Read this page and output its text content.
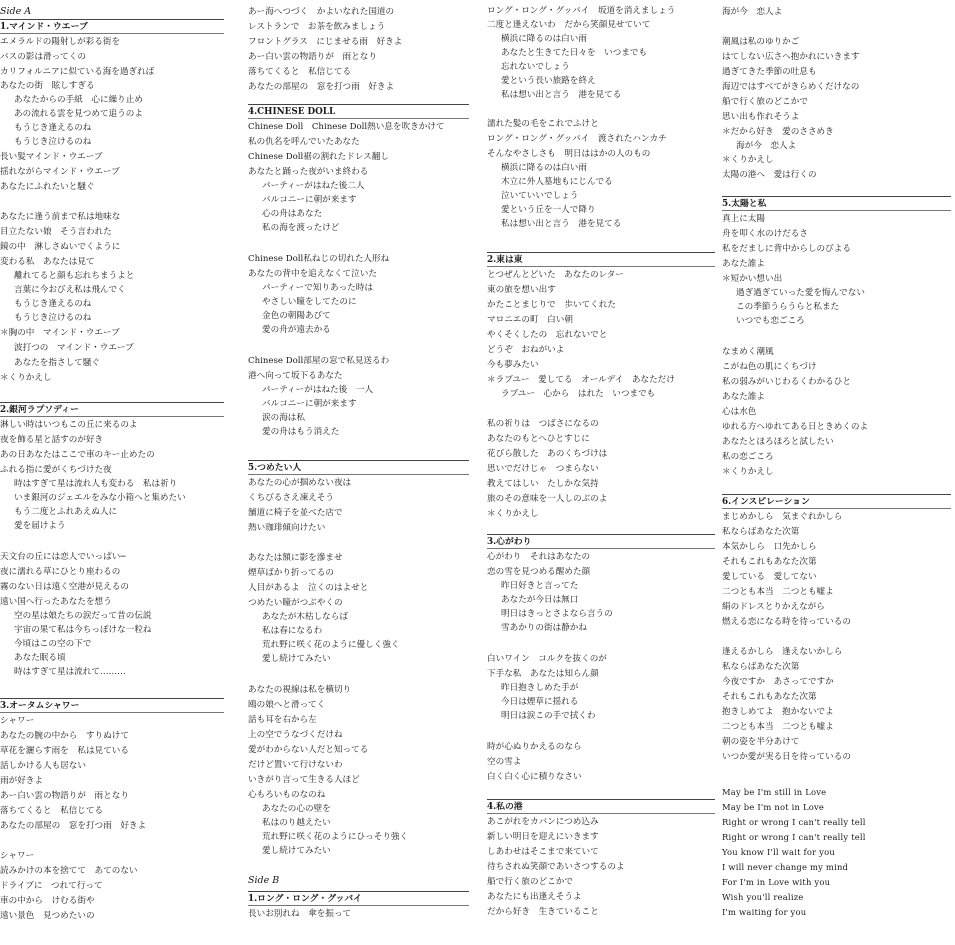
Side A
1.マインド・ウエーブ
エメラルドの陽射しが彩る街を
バスの影は滑ってくの
カリフォルニアに似ている海を過ぎれば
あなたの街　眩しすぎる
あなたからの手紙　心に繰り止め
あの流れる雲を見つめて追うのよ
もうじき逢えるのね
もうじき泣けるのね
長い髪マインド・ウエーブ
揺れながらマインド・ウエーブ
あなたにふれたいと騒ぐ
あなたに逢う前まで私は地味な
目立たない娘　そう言われた
鏡の中　淋しさぬいでくように
変わる私　あなたは見て
離れてると顔も忘れちまうよと
言葉に今おびえ私は飛んでく
もうじき逢えるのね
もうじき泣けるのね
＊胸の中　マインド・ウエーブ
波打つの　マインド・ウエーブ
あなたを指さして騒ぐ
＊くりかえし
2.銀河ラプソディー
淋しい時はいつもこの丘に来るのよ
夜を飾る星と話すのが好き
あの日あなたはここで車のキー止めたの
ふれる指に愛がくちづけた夜
時はすぎて星は流れ人も変わる　私は祈り
いま銀河のジェエルをみな小箱へと集めたい
もう二度とふれあえぬ人に
愛を届けよう
天文台の丘には恋人でいっぱい─
夜に濡れる草にひとり座わるの
霧のない日は遠く空港が見えるの
遠い国へ行ったあなたを想う
空の星は娘たちの涙だって昔の伝説
宇宙の果て私は今ちっぽけな一粒ね
今頃はこの空の下で
あなた眠る頃
時はすぎて星は流れて………
3.オータムシャワー
シャワー
あなたの腕の中から　すりぬけて
草花を灑らす雨を　私は見ている
話しかける人も居ない
雨が好きよ
あー白い雲の物語りが　雨となり
落ちてくると　私信じてる
あなたの部屋の　窓を打つ雨　好きよ
シャワー
読みかけの本を捨てて　あてのない
ドライブに　つれて行って
車の中から　けむる街や
遠い景色　見つめたいの
あー海へつづく　かよいなれた国道の
レストランで　お茶を飲みましょう
フロントグラス　にじませる雨　好きよ
あー白い雲の物語りが　雨となり
落ちてくると　私信じてる
あなたの部屋の　窓を打つ雨　好きよ
4.CHINESE DOLL
Chinese Doll　Chinese Doll熱い息を吹きかけて
私の仇名を呼んでいたあなた
Chinese Doll裾の割れたドレス翻し
あなたと踊った夜がいま終わる
パーティーがはねた後二人
バルコニーに朝が来ます
心の舟はあなた
私の海を渡ったけど
Chinese Doll私ねじの切れた人形ね
あなたの背中を追えなくて泣いた
パーティーで知りあった時は
やさしい瞳をしてたのに
金色の朝陽あびて
愛の舟が遠去かる
Chinese Doll部屋の窓で私見送るわ
港へ向って坂下るあなた
パーティーがはねた後　一人
バルコニーに朝が来ます
涙の海は私
愛の舟はもう消えた
5.つめたい人
あなたの心が掴めない夜は
くちびるさえ凍えそう
舗道に椅子を並べた店で
熱い珈琲傾向けたい
あなたは額に影を滲ませ
煙草ばかり折ってるの
人目があるよ　泣くのはよせと
つめたい瞳がつぶやくの
あなたが木枯しならば
私は春になるわ
荒れ野に咲く花のように優しく強く
愛し続けてみたい
あなたの視線は私を横切り
鴎の娘へと滑ってく
話も耳を右から左
上の空でうなづくだけね
愛がわからない人だと知ってる
だけど置いて行けないわ
いきがり言って生きる人ほど
心もろいものなのね
あなたの心の壁を
私はのり越えたい
荒れ野に咲く花のようにひっそり強く
愛し続けてみたい
Side B
1.ロング・ロング・グッバイ
長いお別れね　傘を振って
ロング・ロング・グッバイ　坂道を消えましょう
二度と逢えないわ　だから笑顔見せていて
横浜に降るのは白い雨
あなたと生きてた日々を　いつまでも
忘れないでしょう
愛という長い旅路を終え
私は想い出と言う　港を見てる
濡れた髪の毛をこれでふけと
ロング・ロング・グッバイ　渡されたハンカチ
そんなやさしさも　明日ははかの人のもの
横浜に降るのは白い雨
木立に外人墓地もにじんでる
泣いていいでしょう
愛という丘を一人で降り
私は想い出と言う　港を見てる
2.東は東
とつぜんとどいた　あなたのレター
東の旅を想い出す
かたことまじりで　歩いてくれた
マロニエの町　白い朝
やくそくしたの　忘れないでと
どうぞ　おねがいよ
今も夢みたい
＊ラブユー　愛してる　オールデイ　あなただけ
ラブユー　心から　はれた　いつまでも
私の祈りは　つばさになるの
あなたのもとへひとすじに
花びら散した　あのくちづけは
思いでだけじゃ　つまらない
教えてはしい　たしかな気持
旅のその意味を一人しのぶのよ
＊くりかえし
3.心がわり
心がわり　それはあなたの
恋の雪を見つめる醒めた顔
昨日好きと言ってた
あなたが今日は無口
明日はきっとさよなら言うの
雪あかりの街は静かね
白いワイン　コルクを抜くのが
下手な私　あなたは知らん顔
昨日抱きしめた手が
今日は煙草に揺れる
明日は涙この手で拭くわ
時が心ぬりかえるのなら
空の雪よ
白く白く心に積りなさい
4.私の港
あこがれをカバンにつめ込み
新しい明日を迎えにいきます
しあわせはそこまで来ていて
待ちされぬ笑顔であいさつするのよ
船で行く旅のどこかで
あなたにも出逢えそうよ
だから好き　生きていること
海が今　恋人よ
潮風は私のゆりかご
はてしない広さへ抱かれにいきます
過ぎてきた季節の吐息も
海辺ではすべてがきらめくだけなの
船で行く旅のどこかで
思い出も作れそうよ
＊だから好き　愛のささめき
海が今　恋人よ
＊くりかえし
太陽の港へ　愛は行くの
5.太陽と私
真上に太陽
舟を叩く水のけだるさ
私をだましに背中からしのびよる
あなた誰よ
＊短かい想い出
過ぎ過ぎていった愛を悔んでない
この季節うらうらと私また
いつでも恋ごころ
なまめく潮風
こがね色の肌にくちづけ
私の弱みがいじわるくわかるひと
あなた誰よ
心は水色
ゆれる方へゆれてある日ときめくのよ
あなたとほろほろと試したい
私の恋ごころ
＊くりかえし
6.インスピレーション
まじめかしら　気まぐれかしら
私ならばあなた次第
本気かしら　口先かしら
それもこれもあなた次第
愛している　愛してない
二つとも本当　二つとも嘘よ
絹のドレスとりかえながら
燃える恋になる時を待っているの
逢えるかしら　逢えないかしら
私ならばあなた次第
今夜ですか　あさってですか
それもこれもあなた次第
抱きしめてよ　抱かないでよ
二つとも本当　二つとも嘘よ
朝の姿を半分あけて
いつか愛が実る日を待っているの
May be I'm still in Love
May be I'm not in Love
Right or wrong I can't really tell
Right or wrong I can't really tell
You know I'll wait for you
I will never change my mind
For I'm in Love with you
Wish you'll realize
I'm waiting for you
